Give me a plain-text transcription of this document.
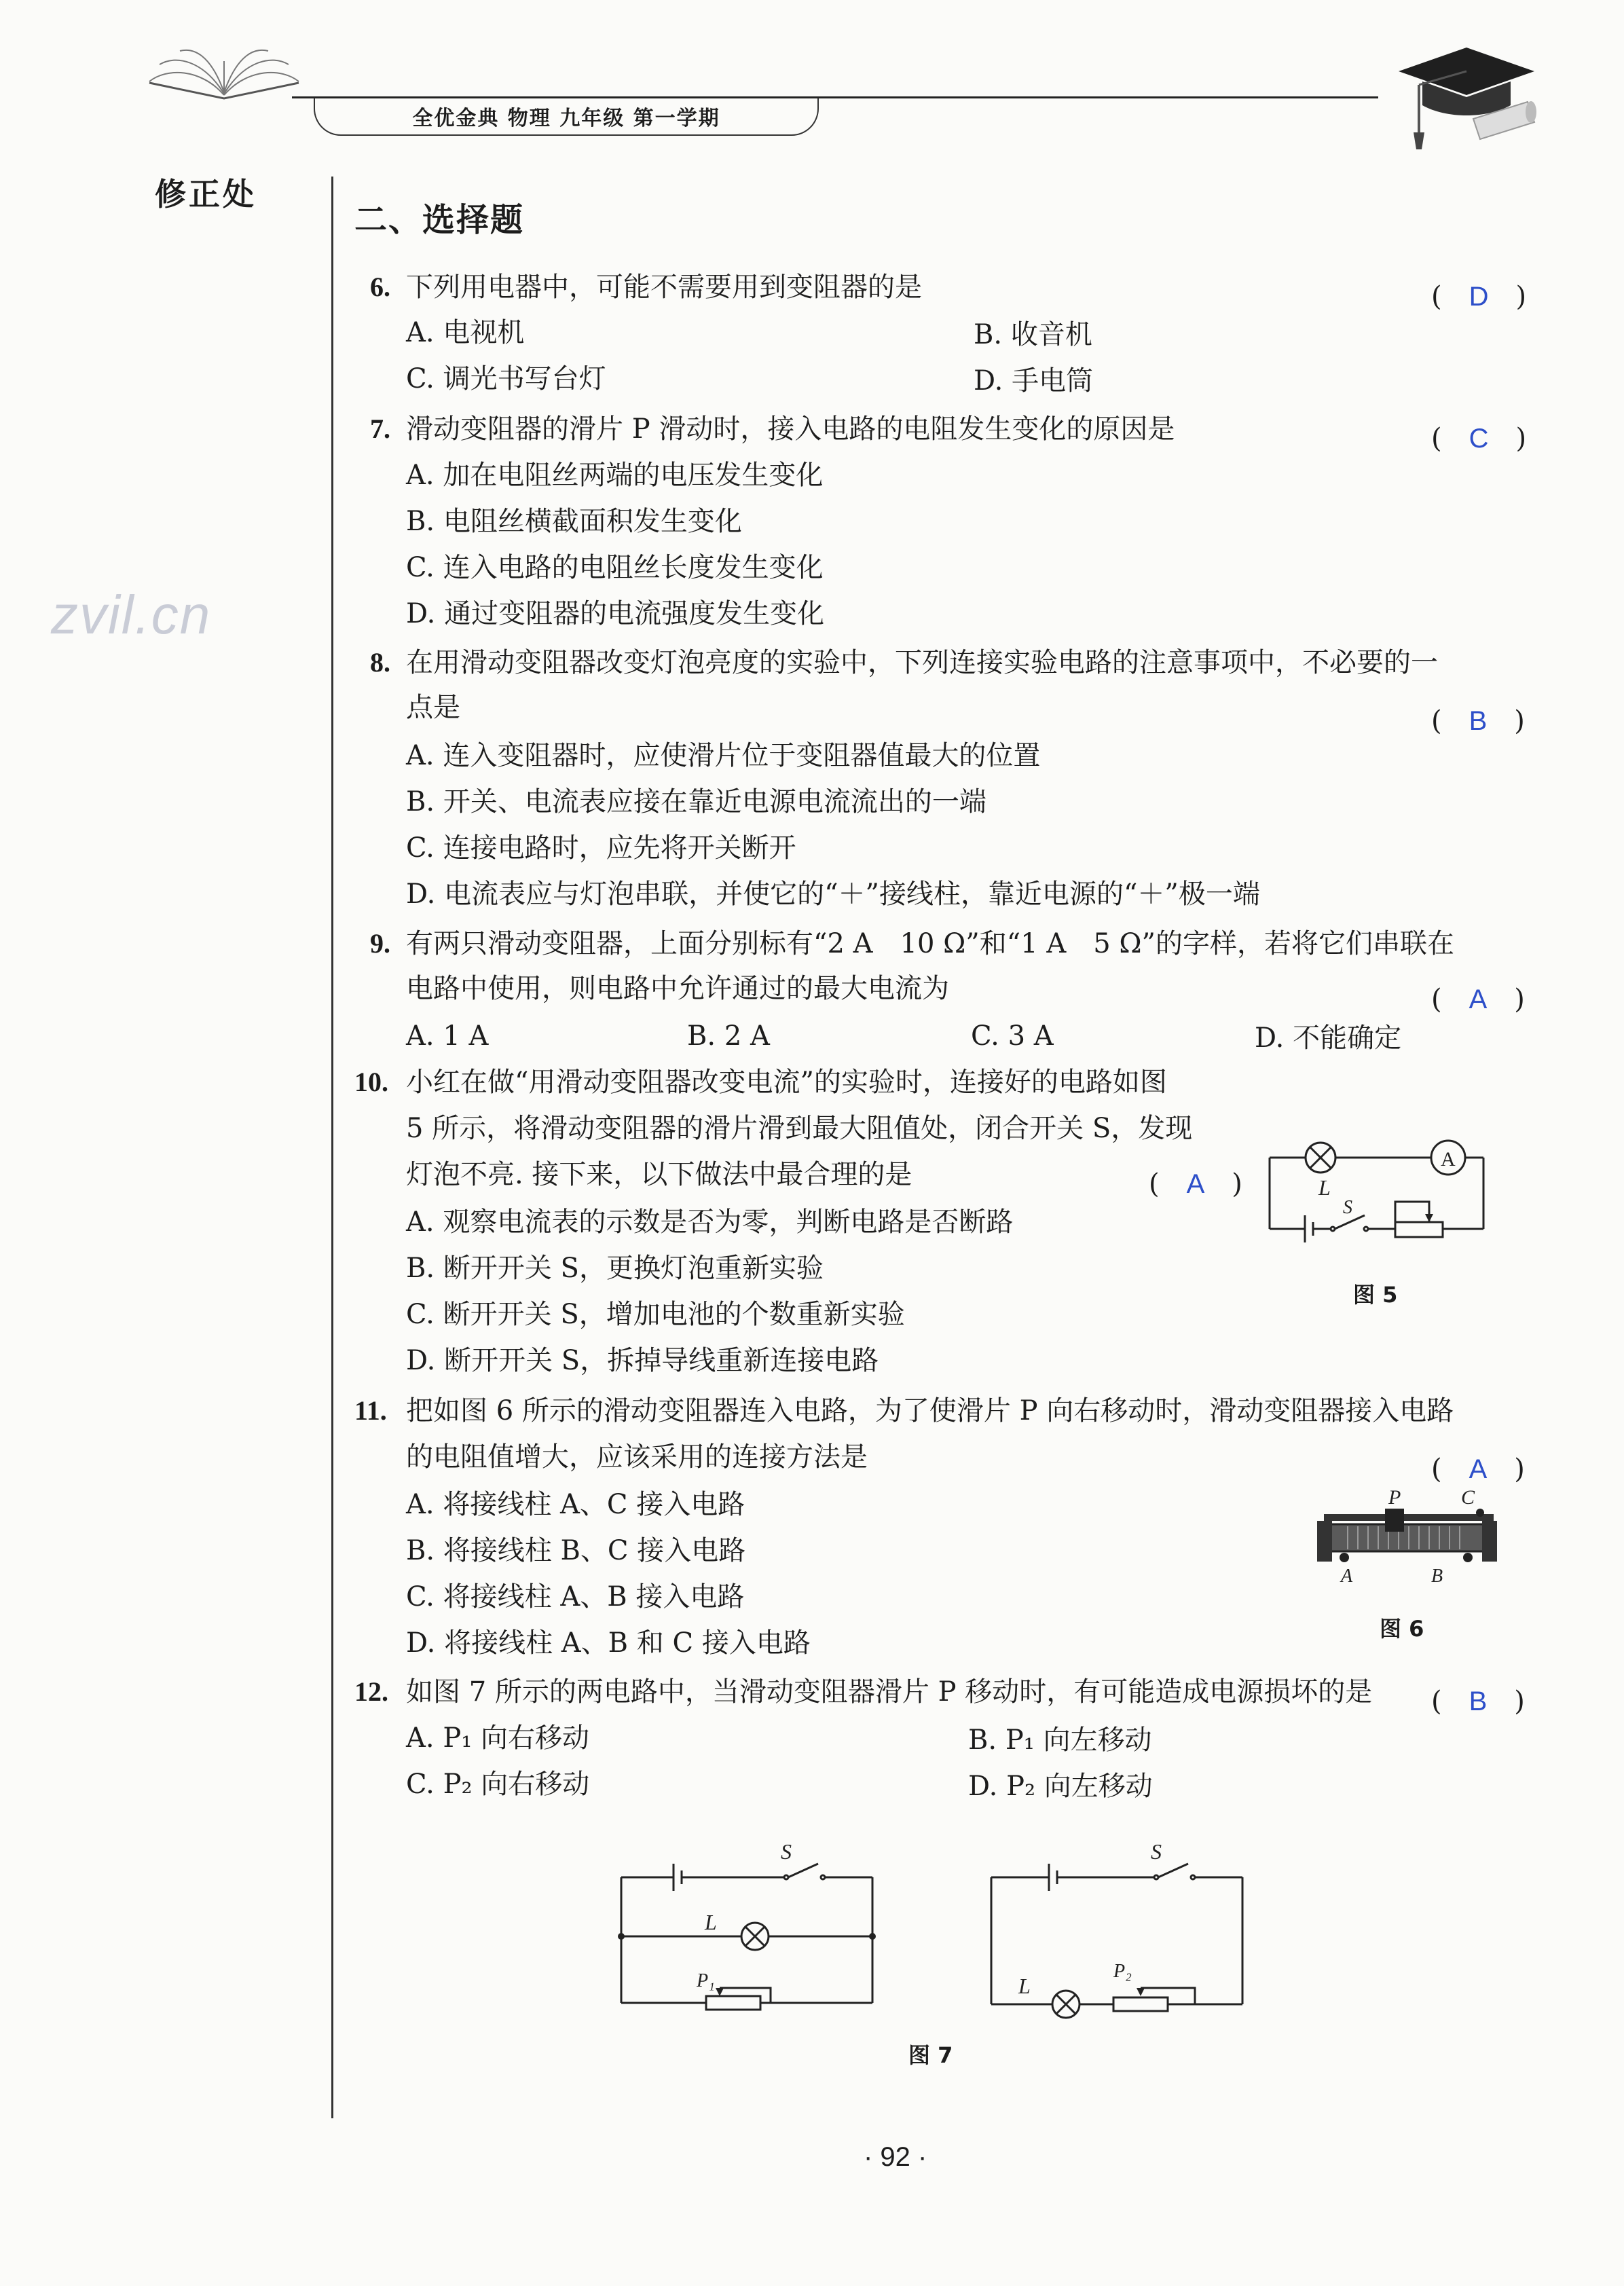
全优金典 物理 九年级 第一学期
修正处
zvil.cn
二、选择题
6. 下列用电器中，可能不需要用到变阻器的是	(　D　)
A. 电视机	B. 收音机
C. 调光书写台灯	D. 手电筒
7. 滑动变阻器的滑片 P 滑动时，接入电路的电阻发生变化的原因是	(　C　)
A. 加在电阻丝两端的电压发生变化
B. 电阻丝横截面积发生变化
C. 连入电路的电阻丝长度发生变化
D. 通过变阻器的电流强度发生变化
8. 在用滑动变阻器改变灯泡亮度的实验中，下列连接实验电路的注意事项中，不必要的一
点是	(　B　)
A. 连入变阻器时，应使滑片位于变阻器值最大的位置
B. 开关、电流表应接在靠近电源电流流出的一端
C. 连接电路时，应先将开关断开
D. 电流表应与灯泡串联，并使它的“＋”接线柱，靠近电源的“＋”极一端
9. 有两只滑动变阻器，上面分别标有“2 A　10 Ω”和“1 A　5 Ω”的字样，若将它们串联在
电路中使用，则电路中允许通过的最大电流为	(　A　)
A. 1 A	B. 2 A	C. 3 A	D. 不能确定
10. 小红在做“用滑动变阻器改变电流”的实验时，连接好的电路如图
5 所示，将滑动变阻器的滑片滑到最大阻值处，闭合开关 S，发现
灯泡不亮. 接下来，以下做法中最合理的是	(　A　)
A. 观察电流表的示数是否为零，判断电路是否断路
B. 断开开关 S，更换灯泡重新实验
C. 断开开关 S，增加电池的个数重新实验
D. 断开开关 S，拆掉导线重新连接电路
L
A
S
图 5
11. 把如图 6 所示的滑动变阻器连入电路，为了使滑片 P 向右移动时，滑动变阻器接入电路
的电阻值增大，应该采用的连接方法是	(　A　)
A. 将接线柱 A、C 接入电路
B. 将接线柱 B、C 接入电路
C. 将接线柱 A、B 接入电路
D. 将接线柱 A、B 和 C 接入电路
P	C
A	B
图 6
12. 如图 7 所示的两电路中，当滑动变阻器滑片 P 移动时，有可能造成电源损坏的是 (　B　)
A. P₁ 向右移动	B. P₁ 向左移动
C. P₂ 向右移动	D. P₂ 向左移动
S
L
P₁
S
L
P₂
图 7
· 92 ·
